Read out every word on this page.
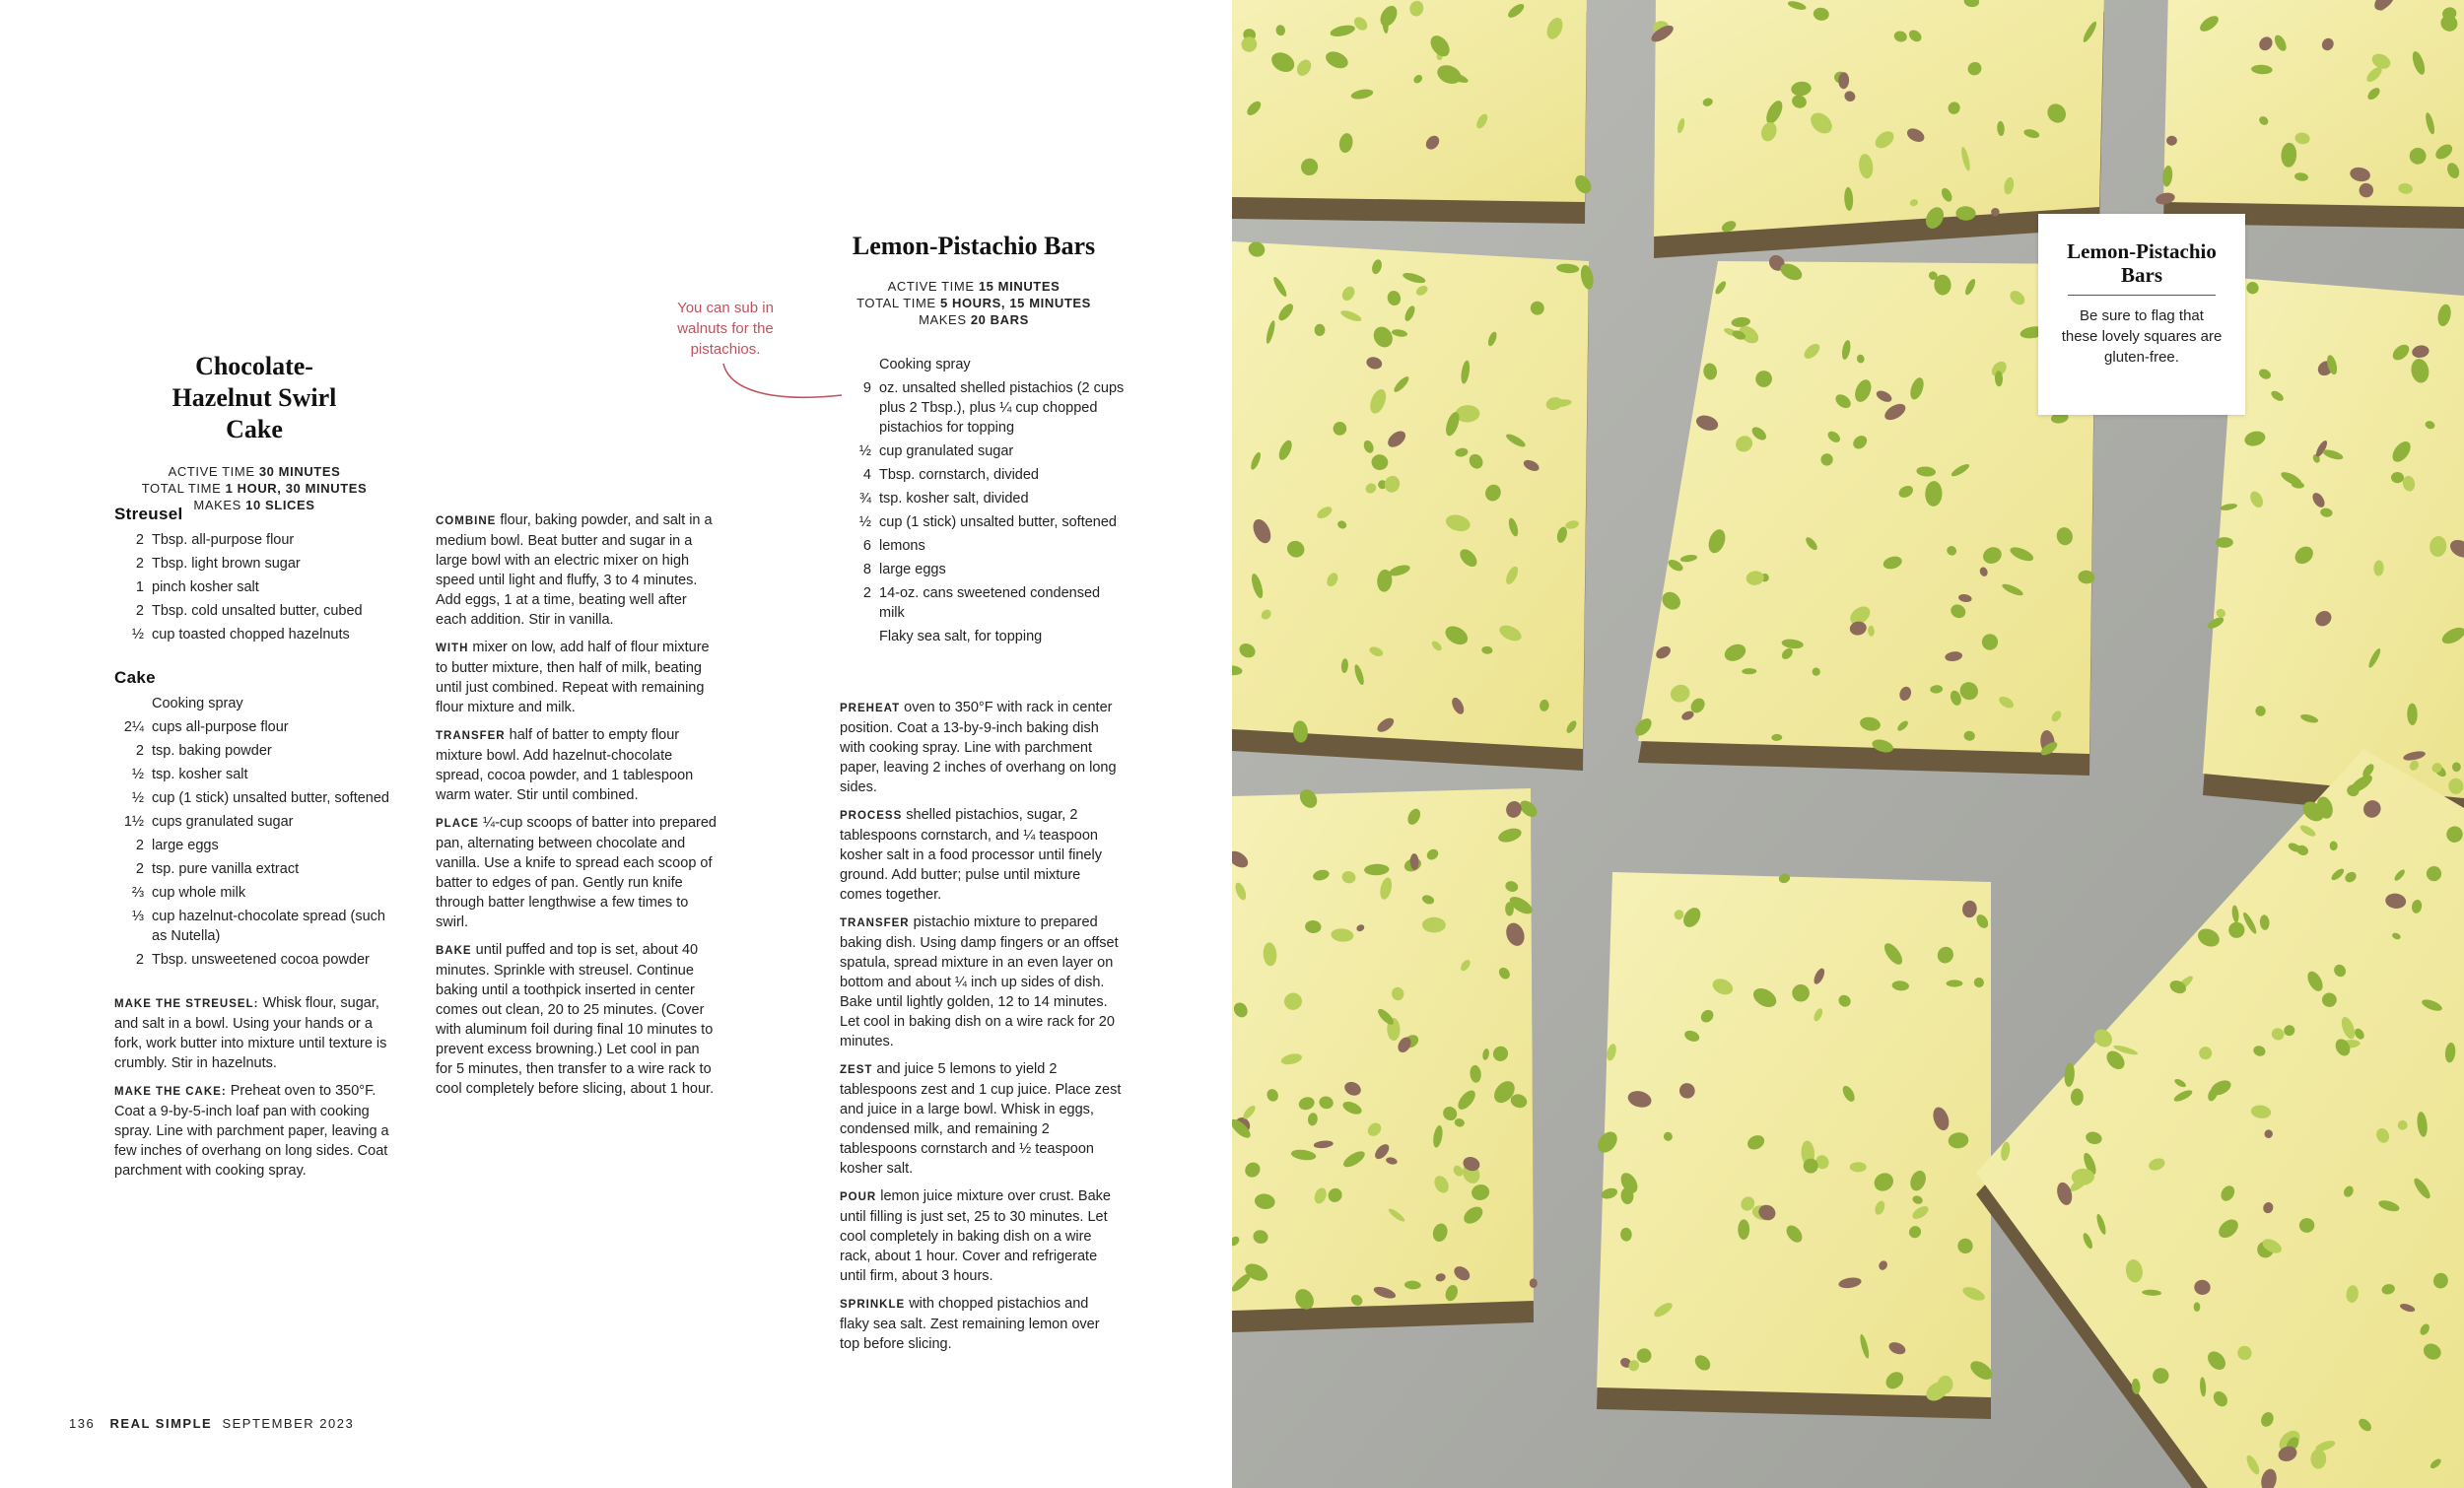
Chocolate-Hazelnut Swirl Cake
ACTIVE TIME 30 MINUTES
TOTAL TIME 1 HOUR, 30 MINUTES
MAKES 10 SLICES
Streusel
2 Tbsp. all-purpose flour
2 Tbsp. light brown sugar
1 pinch kosher salt
2 Tbsp. cold unsalted butter, cubed
½ cup toasted chopped hazelnuts
Cake
Cooking spray
2¼ cups all-purpose flour
2 tsp. baking powder
½ tsp. kosher salt
½ cup (1 stick) unsalted butter, softened
1½ cups granulated sugar
2 large eggs
2 tsp. pure vanilla extract
⅔ cup whole milk
⅓ cup hazelnut-chocolate spread (such as Nutella)
2 Tbsp. unsweetened cocoa powder

MAKE THE STREUSEL: Whisk flour, sugar, and salt in a bowl. Using your hands or a fork, work butter into mixture until texture is crumbly. Stir in hazelnuts.

MAKE THE CAKE: Preheat oven to 350°F. Coat a 9-by-5-inch loaf pan with cooking spray. Line with parchment paper, leaving a few inches of overhang on long sides. Coat parchment with cooking spray.

COMBINE flour, baking powder, and salt in a medium bowl. Beat butter and sugar in a large bowl with an electric mixer on high speed until light and fluffy, 3 to 4 minutes. Add eggs, 1 at a time, beating well after each addition. Stir in vanilla.

WITH mixer on low, add half of flour mixture to butter mixture, then half of milk, beating until just combined. Repeat with remaining flour mixture and milk.

TRANSFER half of batter to empty flour mixture bowl. Add hazelnut-chocolate spread, cocoa powder, and 1 tablespoon warm water. Stir until combined.

PLACE ¼-cup scoops of batter into prepared pan, alternating between chocolate and vanilla. Use a knife to spread each scoop of batter to edges of pan. Gently run knife through batter lengthwise a few times to swirl.

BAKE until puffed and top is set, about 40 minutes. Sprinkle with streusel. Continue baking until a toothpick inserted in center comes out clean, 20 to 25 minutes. (Cover with aluminum foil during final 10 minutes to prevent excess browning.) Let cool in pan for 5 minutes, then transfer to a wire rack to cool completely before slicing, about 1 hour.

You can sub in walnuts for the pistachios.
Lemon-Pistachio Bars
ACTIVE TIME 15 MINUTES
TOTAL TIME 5 HOURS, 15 MINUTES
MAKES 20 BARS
Cooking spray
9 oz. unsalted shelled pistachios (2 cups plus 2 Tbsp.), plus ¼ cup chopped pistachios for topping
½ cup granulated sugar
4 Tbsp. cornstarch, divided
¾ tsp. kosher salt, divided
½ cup (1 stick) unsalted butter, softened
6 lemons
8 large eggs
2 14-oz. cans sweetened condensed milk
Flaky sea salt, for topping

PREHEAT oven to 350°F with rack in center position. Coat a 13-by-9-inch baking dish with cooking spray. Line with parchment paper, leaving 2 inches of overhang on long sides.

PROCESS shelled pistachios, sugar, 2 tablespoons cornstarch, and ¼ teaspoon kosher salt in a food processor until finely ground. Add butter; pulse until mixture comes together.

TRANSFER pistachio mixture to prepared baking dish. Using damp fingers or an offset spatula, spread mixture in an even layer on bottom and about ¼ inch up sides of dish. Bake until lightly golden, 12 to 14 minutes. Let cool in baking dish on a wire rack for 20 minutes.

ZEST and juice 5 lemons to yield 2 tablespoons zest and 1 cup juice. Place zest and juice in a large bowl. Whisk in eggs, condensed milk, and remaining 2 tablespoons cornstarch and ½ teaspoon kosher salt.

POUR lemon juice mixture over crust. Bake until filling is just set, 25 to 30 minutes. Let cool completely in baking dish on a wire rack, about 1 hour. Cover and refrigerate until firm, about 3 hours.

SPRINKLE with chopped pistachios and flaky sea salt. Zest remaining lemon over top before slicing.

136 REAL SIMPLE SEPTEMBER 2023
Lemon-Pistachio Bars
Be sure to flag that these lovely squares are gluten-free.
